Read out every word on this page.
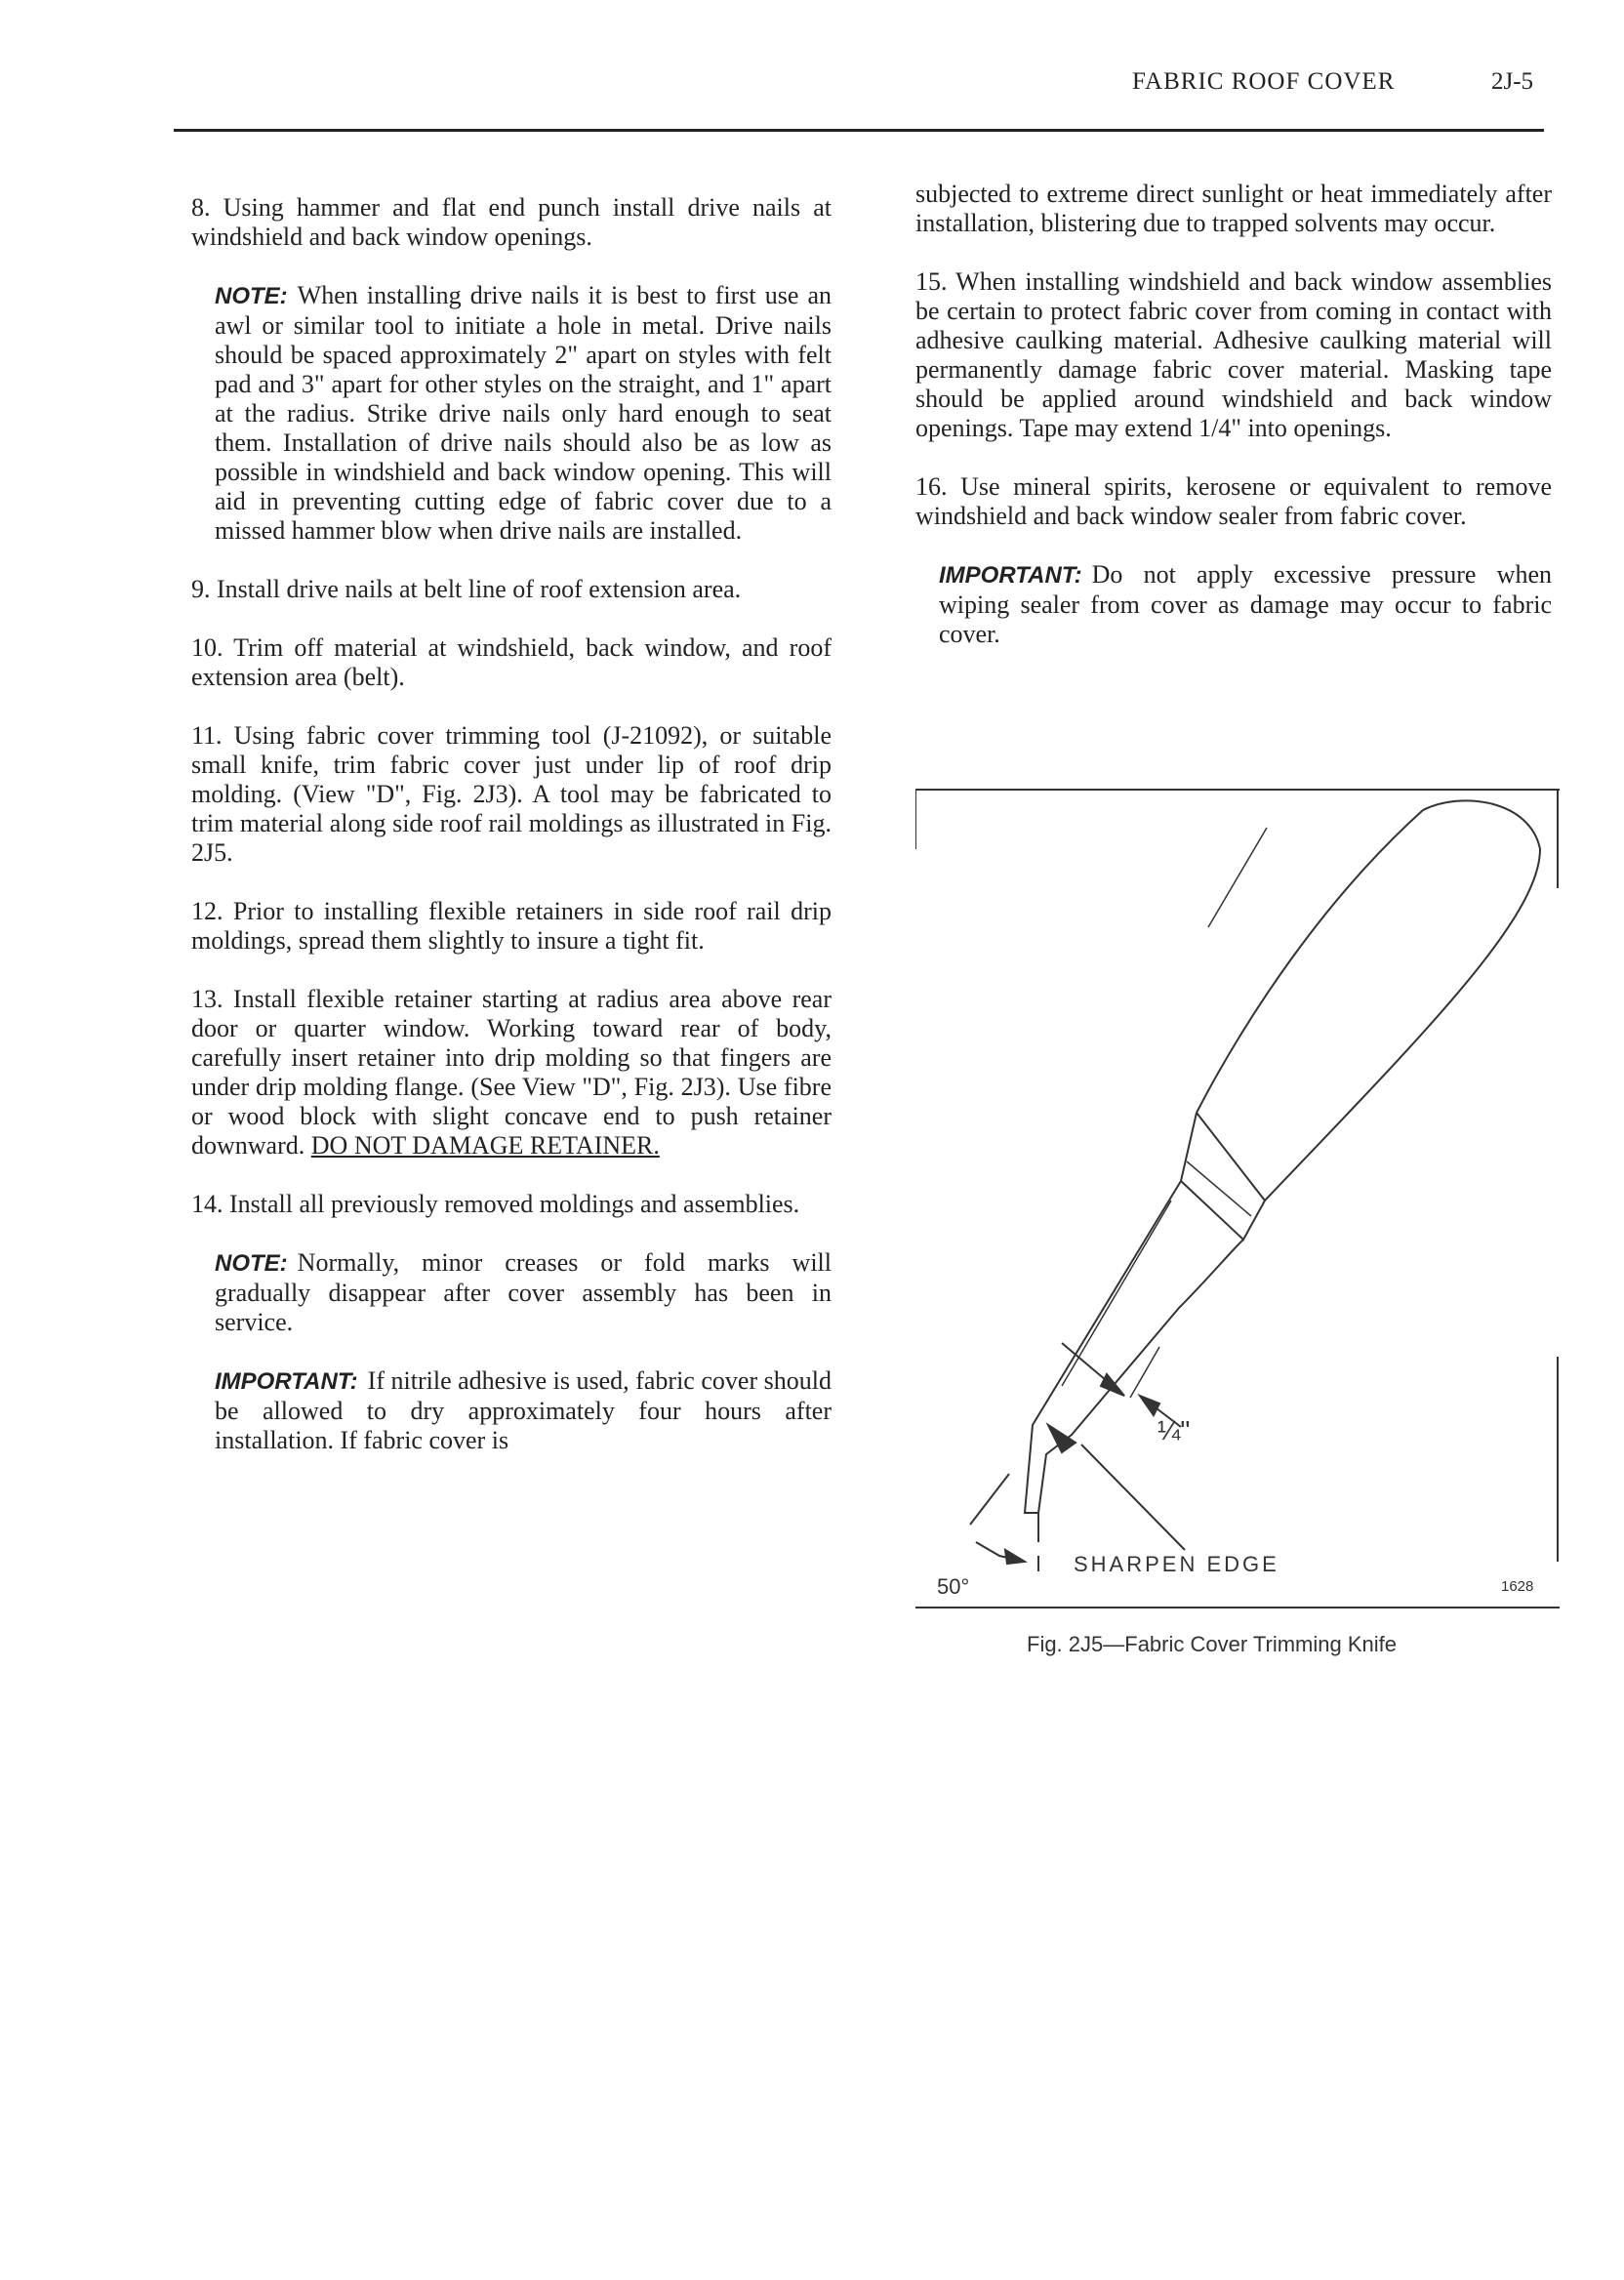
FABRIC ROOF COVER	2J-5

8. Using hammer and flat end punch install drive nails at windshield and back window openings.

NOTE: When installing drive nails it is best to first use an awl or similar tool to initiate a hole in metal. Drive nails should be spaced approximately 2" apart on styles with felt pad and 3" apart for other styles on the straight, and 1" apart at the radius. Strike drive nails only hard enough to seat them. Installation of drive nails should also be as low as possible in windshield and back window opening. This will aid in preventing cutting edge of fabric cover due to a missed hammer blow when drive nails are installed.

9. Install drive nails at belt line of roof extension area.

10. Trim off material at windshield, back window, and roof extension area (belt).

11. Using fabric cover trimming tool (J-21092), or suitable small knife, trim fabric cover just under lip of roof drip molding. (View "D", Fig. 2J3). A tool may be fabricated to trim material along side roof rail moldings as illustrated in Fig. 2J5.

12. Prior to installing flexible retainers in side roof rail drip moldings, spread them slightly to insure a tight fit.

13. Install flexible retainer starting at radius area above rear door or quarter window. Working toward rear of body, carefully insert retainer into drip molding so that fingers are under drip molding flange. (See View "D", Fig. 2J3). Use fibre or wood block with slight concave end to push retainer downward. DO NOT DAMAGE RETAINER.

14. Install all previously removed moldings and assemblies.

NOTE: Normally, minor creases or fold marks will gradually disappear after cover assembly has been in service.

IMPORTANT: If nitrile adhesive is used, fabric cover should be allowed to dry approximately four hours after installation. If fabric cover is

subjected to extreme direct sunlight or heat immediately after installation, blistering due to trapped solvents may occur.

15. When installing windshield and back window assemblies be certain to protect fabric cover from coming in contact with adhesive caulking material. Adhesive caulking material will permanently damage fabric cover material. Masking tape should be applied around windshield and back window openings. Tape may extend 1/4" into openings.

16. Use mineral spirits, kerosene or equivalent to remove windshield and back window sealer from fabric cover.

IMPORTANT: Do not apply excessive pressure when wiping sealer from cover as damage may occur to fabric cover.

¼"
SHARPEN EDGE
50°	1628
Fig. 2J5—Fabric Cover Trimming Knife
